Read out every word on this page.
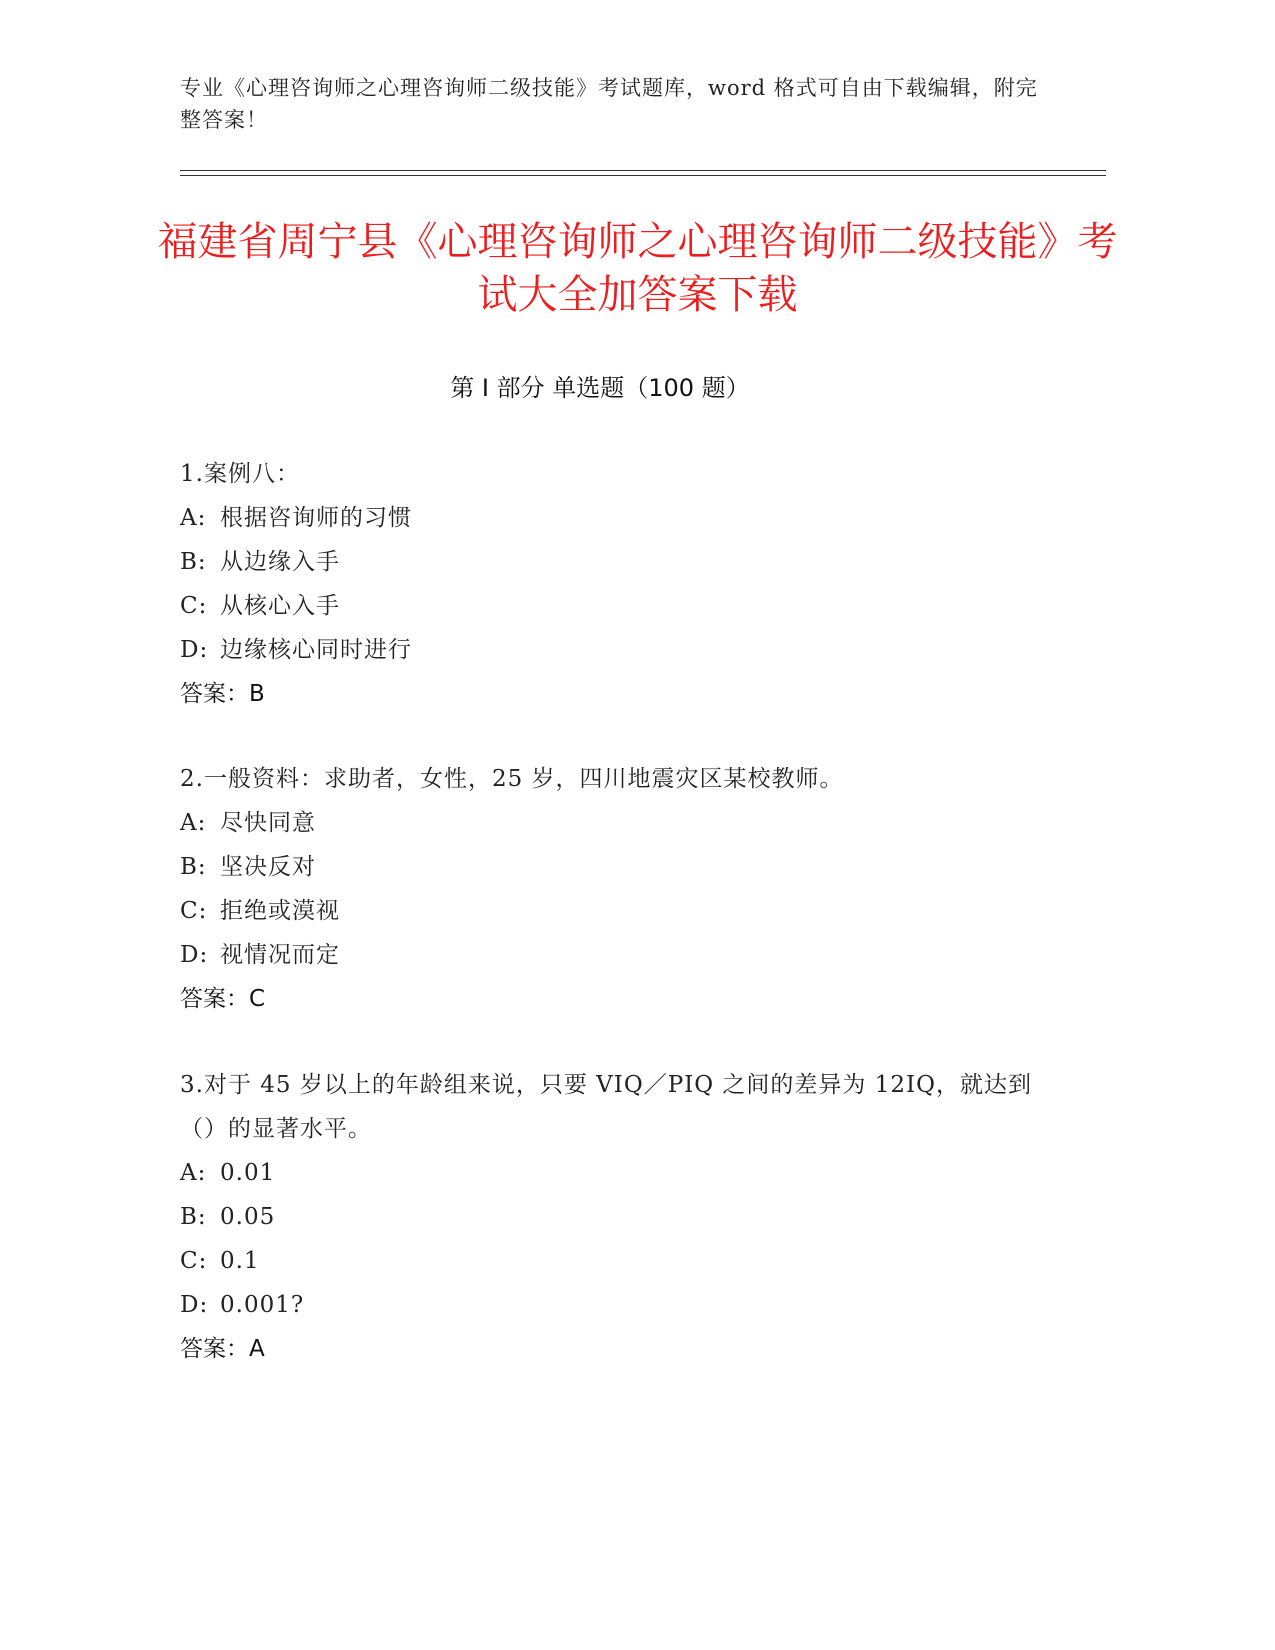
专业《心理咨询师之心理咨询师二级技能》考试题库，word 格式可自由下载编辑，附完整答案！
福建省周宁县《心理咨询师之心理咨询师二级技能》考试大全加答案下载
第 I 部分 单选题（100 题）
1.案例八：
A: 根据咨询师的习惯
B: 从边缘入手
C: 从核心入手
D: 边缘核心同时进行
答案：B
2.一般资料：求助者，女性，25 岁，四川地震灾区某校教师。
A: 尽快同意
B: 坚决反对
C: 拒绝或漠视
D: 视情况而定
答案：C
3.对于 45 岁以上的年龄组来说，只要 VIQ／PIQ 之间的差异为 12IQ，就达到（）的显著水平。
A: 0.01
B: 0.05
C: 0.1
D: 0.001?
答案：A
